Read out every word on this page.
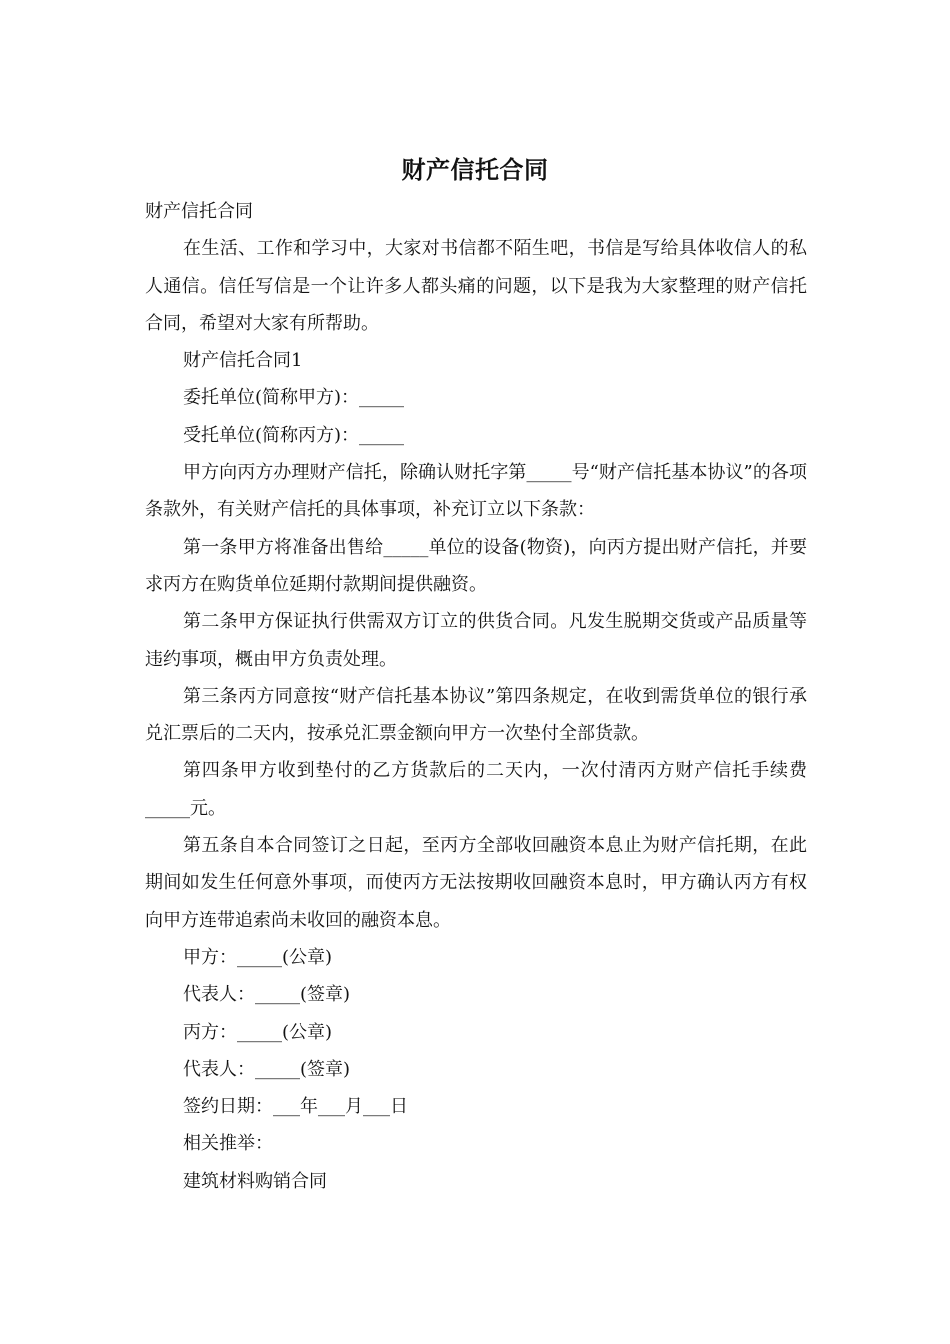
财产信托合同

财产信托合同

在生活、工作和学习中，大家对书信都不陌生吧，书信是写给具体收信人的私人通信。信任写信是一个让许多人都头痛的问题，以下是我为大家整理的财产信托合同，希望对大家有所帮助。

财产信托合同1

委托单位(简称甲方)：_____

受托单位(简称丙方)：_____

甲方向丙方办理财产信托，除确认财托字第_____号“财产信托基本协议”的各项条款外，有关财产信托的具体事项，补充订立以下条款：

第一条甲方将准备出售给_____单位的设备(物资)，向丙方提出财产信托，并要求丙方在购货单位延期付款期间提供融资。

第二条甲方保证执行供需双方订立的供货合同。凡发生脱期交货或产品质量等违约事项，概由甲方负责处理。

第三条丙方同意按“财产信托基本协议”第四条规定，在收到需货单位的银行承兑汇票后的二天内，按承兑汇票金额向甲方一次垫付全部货款。

第四条甲方收到垫付的乙方货款后的二天内，一次付清丙方财产信托手续费_____元。

第五条自本合同签订之日起，至丙方全部收回融资本息止为财产信托期，在此期间如发生任何意外事项，而使丙方无法按期收回融资本息时，甲方确认丙方有权向甲方连带追索尚未收回的融资本息。

甲方：_____(公章)

代表人：_____(签章)

丙方：_____(公章)

代表人：_____(签章)

签约日期：___年___月___日

相关推举：

建筑材料购销合同
